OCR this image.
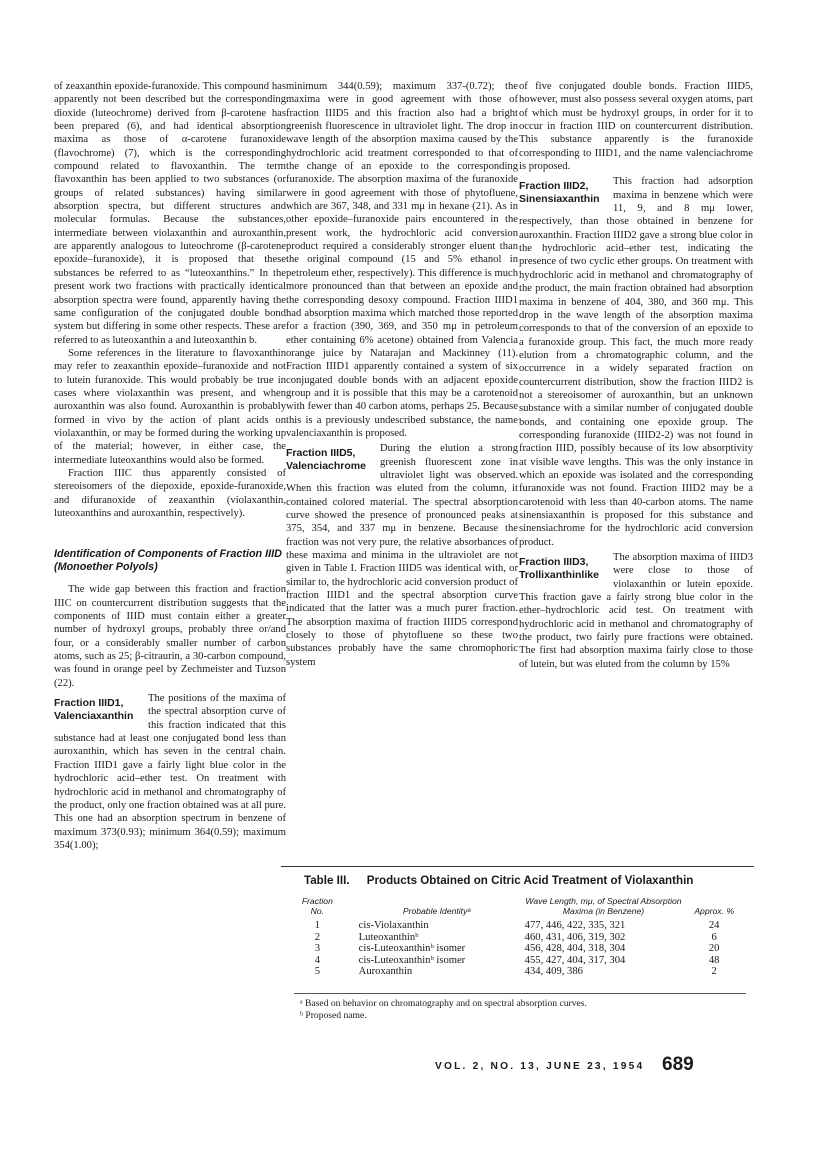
of zeaxanthin epoxide-furanoxide. This compound has apparently not been described but the corresponding dioxide (luteochrome) derived from β-carotene has been prepared (6), and had identical absorption maxima as those of α-carotene furanoxide (flavochrome) (7), which is the corresponding compound related to flavoxanthin. The term flavoxanthin has been applied to two substances (or groups of related substances) having similar absorption spectra, but different structures and molecular formulas. Because the substances, intermediate between violaxanthin and auroxanthin, are apparently analogous to luteochrome (β-carotene epoxide–furanoxide), it is proposed that these substances be referred to as “luteoxanthins.” In the present work two fractions with practically identical absorption spectra were found, apparently having the same configuration of the conjugated double bond system but differing in some other respects. These are referred to as luteoxanthin a and luteoxanthin b.

Some references in the literature to flavoxanthin may refer to zeaxanthin epoxide–furanoxide and not to lutein furanoxide. This would probably be true in cases where violaxanthin was present, and when auroxanthin was also found. Auroxanthin is probably formed in vivo by the action of plant acids on violaxanthin, or may be formed during the working up of the material; however, in either case, the intermediate luteoxanthins would also be formed.

Fraction IIIC thus apparently consisted of stereoisomers of the diepoxide, epoxide-furanoxide, and difuranoxide of zeaxanthin (violaxanthin, luteoxanthins and auroxanthin, respectively).

Identification of Components of Fraction IIID (Monoether Polyols)

The wide gap between this fraction and fraction IIIC on countercurrent distribution suggests that the components of IIID must contain either a greater number of hydroxyl groups, probably three or/and four, or a considerably smaller number of carbon atoms, such as 25; β-citraurin, a 30-carbon compound, was found in orange peel by Zechmeister and Tuzson (22).

Fraction IIID1, Valenciaxanthin

The positions of the maxima of the spectral absorption curve of this fraction indicated that this substance had at least one conjugated bond less than auroxanthin, which has seven in the central chain. Fraction IIID1 gave a fairly light blue color in the hydrochloric acid–ether test. On treatment with hydrochloric acid in methanol and chromatography of the product, only one fraction obtained was at all pure. This one had an absorption spectrum in benzene of maximum 373(0.93); minimum 364(0.59); maximum 354(1.00);

minimum 344(0.59); maximum 337-(0.72); the maxima were in good agreement with those of fraction IIID5 and this fraction also had a bright greenish fluorescence in ultraviolet light. The drop in wave length of the absorption maxima caused by the hydrochloric acid treatment corresponded to that of the change of an epoxide to the corresponding furanoxide. The absorption maxima of the furanoxide were in good agreement with those of phytofluene, which are 367, 348, and 331 mμ in hexane (21). As in other epoxide–furanoxide pairs encountered in the present work, the hydrochloric acid conversion product required a considerably stronger eluent than the original compound (15 and 5% ethanol in petroleum ether, respectively). This difference is much more pronounced than that between an epoxide and the corresponding desoxy compound. Fraction IIID1 had absorption maxima which matched those reported for a fraction (390, 369, and 350 mμ in petroleum ether containing 6% acetone) obtained from Valencia orange juice by Natarajan and Mackinney (11). Fraction IIID1 apparently contained a system of six conjugated double bonds with an adjacent epoxide group and it is possible that this may be a carotenoid with fewer than 40 carbon atoms, perhaps 25. Because this is a previously undescribed substance, the name valenciaxanthin is proposed.

Fraction IIID5, Valenciachrome

During the elution a strong greenish fluorescent zone in ultraviolet light was observed. When this fraction was eluted from the column, it contained colored material. The spectral absorption curve showed the presence of pronounced peaks at 375, 354, and 337 mμ in benzene. Because the fraction was not very pure, the relative absorbances of these maxima and minima in the ultraviolet are not given in Table I. Fraction IIID5 was identical with, or similar to, the hydrochloric acid conversion product of fraction IIID1 and the spectral absorption curve indicated that the latter was a much purer fraction. The absorption maxima of fraction IIID5 correspond closely to those of phytofluene so these two substances probably have the same chromophoric system

of five conjugated double bonds. Fraction IIID5, however, must also possess several oxygen atoms, part of which must be hydroxyl groups, in order for it to occur in fraction IIID on countercurrent distribution. This substance apparently is the furanoxide corresponding to IIID1, and the name valenciachrome is proposed.

Fraction IIID2, Sinensiaxanthin

This fraction had adsorption maxima in benzene which were 11, 9, and 8 mμ lower, respectively, than those obtained in benzene for auroxanthin. Fraction IIID2 gave a strong blue color in the hydrochloric acid–ether test, indicating the presence of two cyclic ether groups. On treatment with hydrochloric acid in methanol and chromatography of the product, the main fraction obtained had absorption maxima in benzene of 404, 380, and 360 mμ. This drop in the wave length of the absorption maxima corresponds to that of the conversion of an epoxide to a furanoxide group. This fact, the much more ready elution from a chromatographic column, and the occurrence in a widely separated fraction on countercurrent distribution, show the fraction IIID2 is not a stereoisomer of auroxanthin, but an unknown substance with a similar number of conjugated double bonds, and containing one epoxide group. The corresponding furanoxide (IIID2-2) was not found in fraction IIID, possibly because of its low absorptivity at visible wave lengths. This was the only instance in which an epoxide was isolated and the corresponding furanoxide was not found. Fraction IIID2 may be a carotenoid with less than 40-carbon atoms. The name sinensiaxanthin is proposed for this substance and sinensiachrome for the hydrochloric acid conversion product.

Fraction IIID3, Trollixanthinlike

The absorption maxima of IIID3 were close to those of violaxanthin or lutein epoxide. This fraction gave a fairly strong blue color in the ether–hydrochloric acid test. On treatment with hydrochloric acid in methanol and chromatography of the product, two fairly pure fractions were obtained. The first had absorption maxima fairly close to those of lutein, but was eluted from the column by 15%

Table III. Products Obtained on Citric Acid Treatment of Violaxanthin
Fraction No.	Probable Identityᵃ	Wave Length, mμ, of Spectral Absorption Maxima (in Benzene)	Approx. %
1	cis-Violaxanthin	477, 446, 422, 335, 321	24
2	Luteoxanthinᵇ	460, 431, 406, 319, 302	6
3	cis-Luteoxanthinᵇ isomer	456, 428, 404, 318, 304	20
4	cis-Luteoxanthinᵇ isomer	455, 427, 404, 317, 304	48
5	Auroxanthin	434, 409, 386	2

ᵃ Based on behavior on chromatography and on spectral absorption curves.

ᵇ Proposed name.

VOL. 2, NO. 13, JUNE 23, 1954 689
